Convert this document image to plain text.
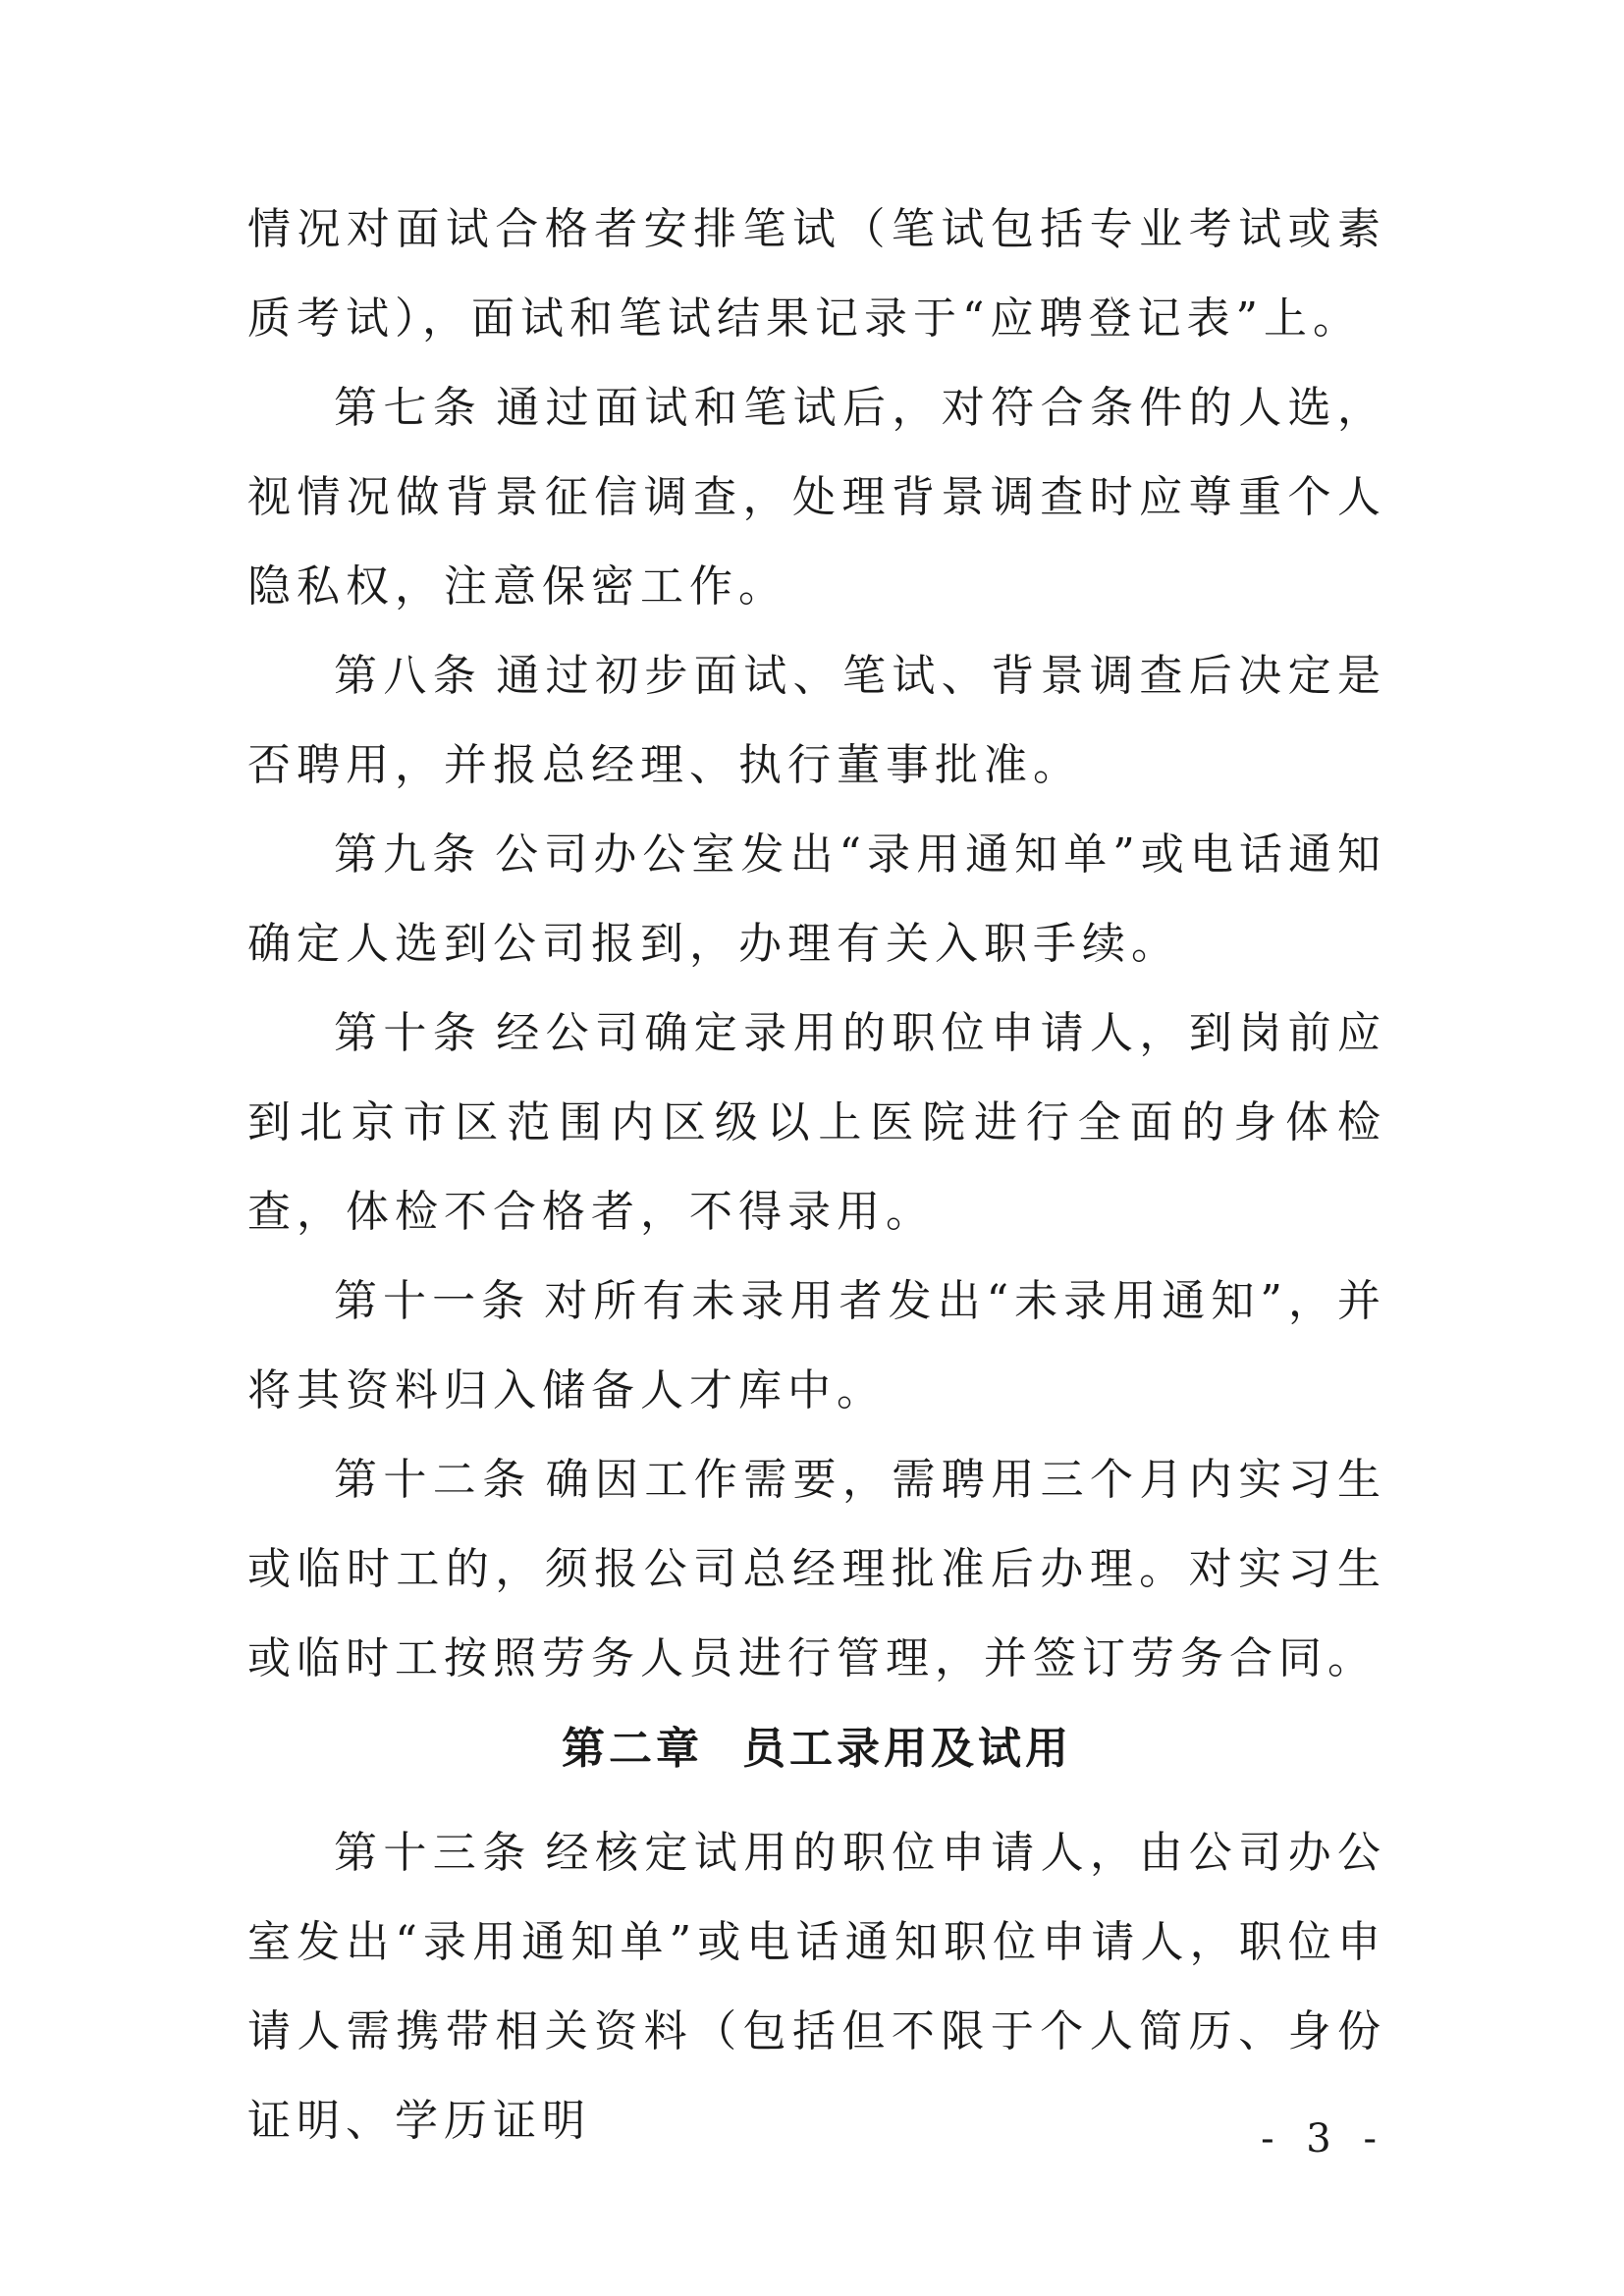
情况对面试合格者安排笔试（笔试包括专业考试或素质考试），面试和笔试结果记录于“应聘登记表”上。

第七条 通过面试和笔试后，对符合条件的人选，视情况做背景征信调查，处理背景调查时应尊重个人隐私权，注意保密工作。

第八条 通过初步面试、笔试、背景调查后决定是否聘用，并报总经理、执行董事批准。

第九条 公司办公室发出“录用通知单”或电话通知确定人选到公司报到，办理有关入职手续。

第十条 经公司确定录用的职位申请人，到岗前应到北京市区范围内区级以上医院进行全面的身体检查，体检不合格者，不得录用。

第十一条 对所有未录用者发出“未录用通知”，并将其资料归入储备人才库中。

第十二条 确因工作需要，需聘用三个月内实习生或临时工的，须报公司总经理批准后办理。对实习生或临时工按照劳务人员进行管理，并签订劳务合同。

第二章 员工录用及试用

第十三条 经核定试用的职位申请人，由公司办公室发出“录用通知单”或电话通知职位申请人，职位申请人需携带相关资料（包括但不限于个人简历、身份证明、学历证明	- 3 -
